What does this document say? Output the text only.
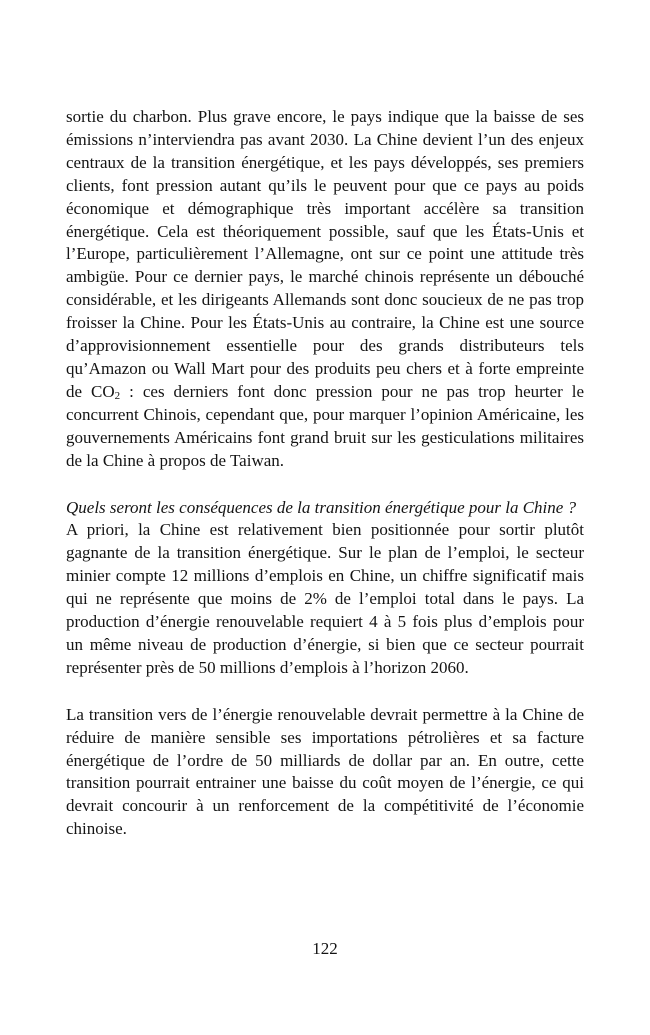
sortie du charbon. Plus grave encore, le pays indique que la baisse de ses émissions n’interviendra pas avant 2030. La Chine devient l’un des enjeux centraux de la transition énergétique, et les pays développés, ses premiers clients, font pression autant qu’ils le peuvent pour que ce pays au poids économique et démographique très important accélère sa transition énergétique. Cela est théoriquement possible, sauf que les États-Unis et l’Europe, particulièrement l’Allemagne, ont sur ce point une attitude très ambigüe. Pour ce dernier pays, le marché chinois représente un débouché considérable, et les dirigeants Allemands sont donc soucieux de ne pas trop froisser la Chine. Pour les États-Unis au contraire, la Chine est une source d’approvisionnement essentielle pour des grands distributeurs tels qu’Amazon ou Wall Mart pour des produits peu chers et à forte empreinte de $CO_2$ : ces derniers font donc pression pour ne pas trop heurter le concurrent Chinois, cependant que, pour marquer l’opinion Américaine, les gouvernements Américains font grand bruit sur les gesticulations militaires de la Chine à propos de Taiwan.

Quels seront les conséquences de la transition énergétique pour la Chine ?

A priori, la Chine est relativement bien positionnée pour sortir plutôt gagnante de la transition énergétique. Sur le plan de l’emploi, le secteur minier compte 12 millions d’emplois en Chine, un chiffre significatif mais qui ne représente que moins de 2% de l’emploi total dans le pays. La production d’énergie renouvelable requiert 4 à 5 fois plus d’emplois pour un même niveau de production d’énergie, si bien que ce secteur pourrait représenter près de 50 millions d’emplois à l’horizon 2060.

La transition vers de l’énergie renouvelable devrait permettre à la Chine de réduire de manière sensible ses importations pétrolières et sa facture énergétique de l’ordre de 50 milliards de dollar par an. En outre, cette transition pourrait entrainer une baisse du coût moyen de l’énergie, ce qui devrait concourir à un renforcement de la compétitivité de l’économie chinoise.

122
